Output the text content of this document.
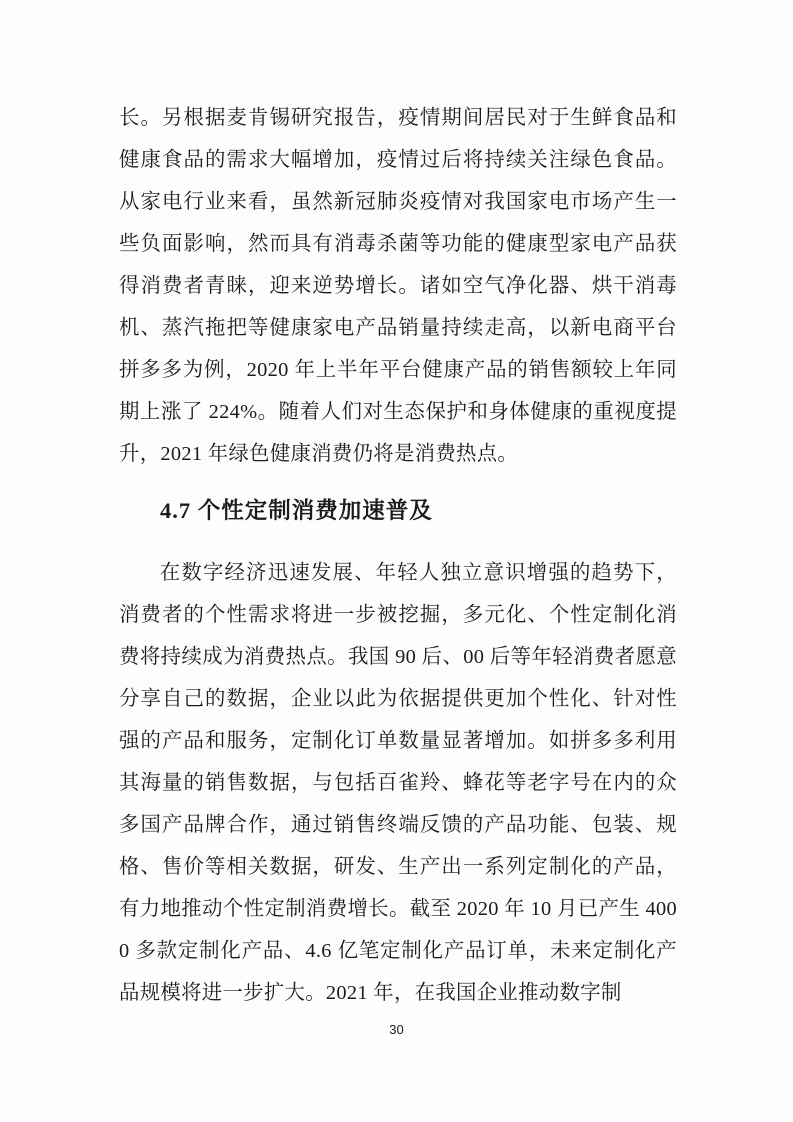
长。另根据麦肯锡研究报告，疫情期间居民对于生鲜食品和健康食品的需求大幅增加，疫情过后将持续关注绿色食品。从家电行业来看，虽然新冠肺炎疫情对我国家电市场产生一些负面影响，然而具有消毒杀菌等功能的健康型家电产品获得消费者青睐，迎来逆势增长。诸如空气净化器、烘干消毒机、蒸汽拖把等健康家电产品销量持续走高，以新电商平台拼多多为例，2020 年上半年平台健康产品的销售额较上年同期上涨了 224%。随着人们对生态保护和身体健康的重视度提升，2021 年绿色健康消费仍将是消费热点。

4.7 个性定制消费加速普及

在数字经济迅速发展、年轻人独立意识增强的趋势下，消费者的个性需求将进一步被挖掘，多元化、个性定制化消费将持续成为消费热点。我国 90 后、00 后等年轻消费者愿意分享自己的数据，企业以此为依据提供更加个性化、针对性强的产品和服务，定制化订单数量显著增加。如拼多多利用其海量的销售数据，与包括百雀羚、蜂花等老字号在内的众多国产品牌合作，通过销售终端反馈的产品功能、包装、规格、售价等相关数据，研发、生产出一系列定制化的产品，有力地推动个性定制消费增长。截至 2020 年 10 月已产生 4000 多款定制化产品、4.6 亿笔定制化产品订单，未来定制化产品规模将进一步扩大。2021 年，在我国企业推动数字制

30
